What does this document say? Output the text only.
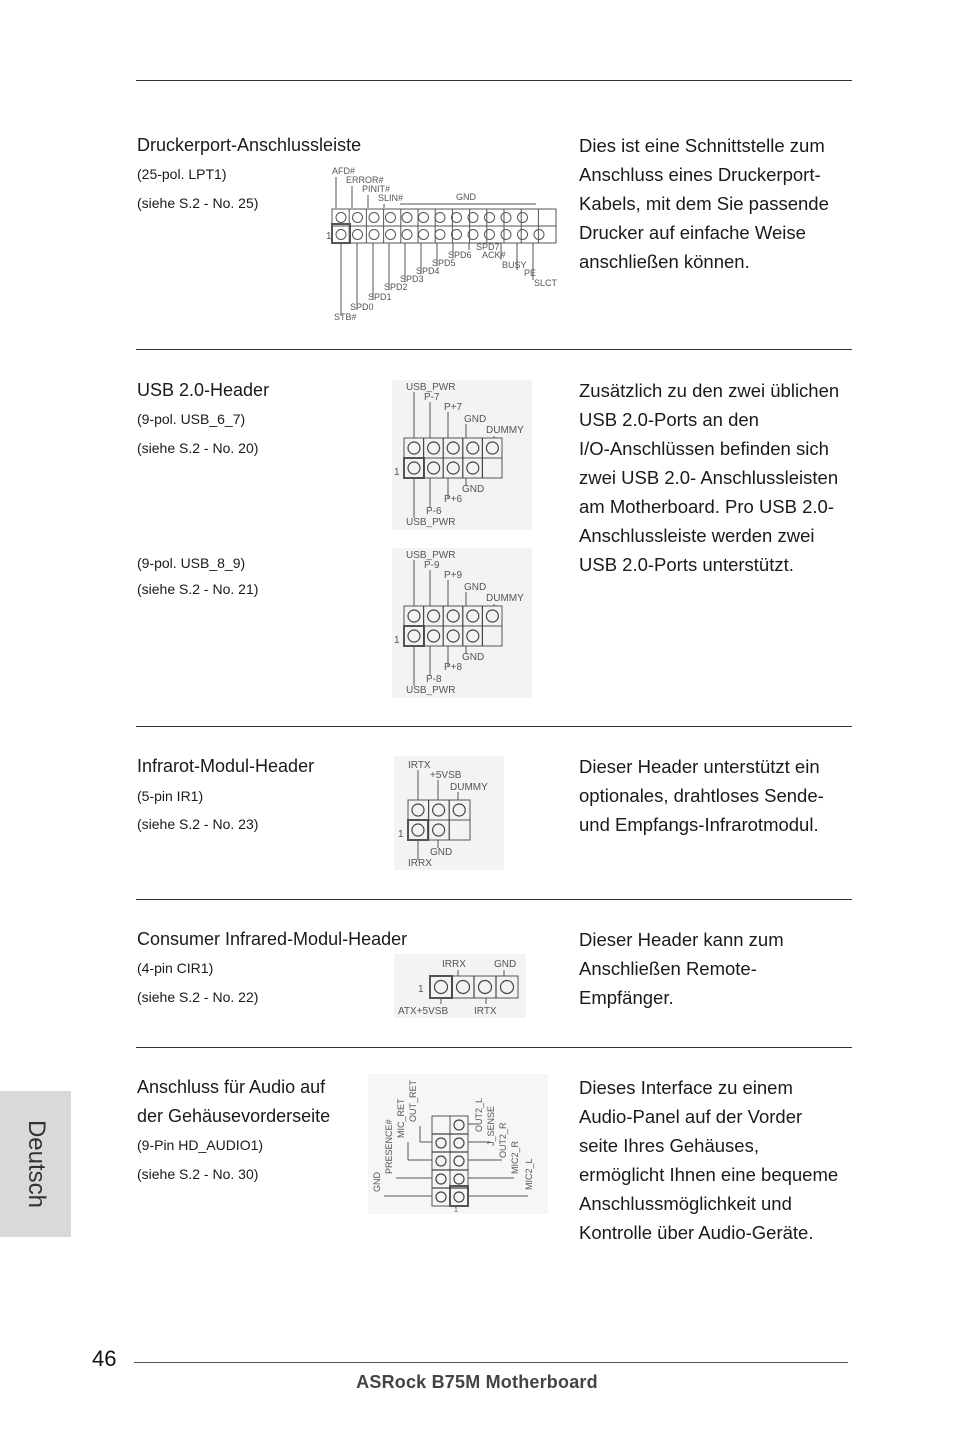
Druckerport-Anschlussleiste
(25-pol. LPT1)
(siehe S.2 - No. 25)
AFD#
ERROR#
PINIT#
SLIN#	GND
1
SPD7
SPD6 ACK#
SPD5	BUSY
SPD4	PE
SPD3	SLCT
SPD2
SPD1
SPD0
STB#
Dies ist eine Schnittstelle zum
Anschluss eines Druckerport-
Kabels, mit dem Sie passende
Drucker auf einfache Weise
anschließen können.
USB 2.0-Header
(9-pol. USB_6_7)
(siehe S.2 - No. 20)
(9-pol. USB_8_9)
(siehe S.2 - No. 21)
USB_PWR
P-7
P+7
GND
DUMMY
1
GND
P+6
P-6
USB_PWR
USB_PWR
P-9
P+9
GND
DUMMY
1
GND
P+8
P-8
USB_PWR
Zusätzlich zu den zwei üblichen
USB 2.0-Ports an den
I/O-Anschlüssen befinden sich
zwei USB 2.0- Anschlussleisten
am Motherboard. Pro USB 2.0-
Anschlussleiste werden zwei
USB 2.0-Ports unterstützt.
Infrarot-Modul-Header
(5-pin IR1)
(siehe S.2 - No. 23)
IRTX
+5VSB
DUMMY
1
GND
IRRX
Dieser Header unterstützt ein
optionales, drahtloses Sende-
und Empfangs-Infrarotmodul.
Consumer Infrared-Modul-Header
(4-pin CIR1)
(siehe S.2 - No. 22)
IRRX	GND
1
ATX+5VSB	IRTX
Dieser Header kann zum
Anschließen Remote-
Empfänger.
Anschluss für Audio auf
der Gehäusevorderseite
(9-Pin HD_AUDIO1)
(siehe S.2 - No. 30)	GND
PRESENCE#
MIC_RET OUT_RET	OUT2_L J_SENSE OUT2_R MIC2_R
MIC2_L
1
Dieses Interface zu einem
Audio-Panel auf der Vorder
seite Ihres Gehäuses,
ermöglicht Ihnen eine bequeme
Anschlussmöglichkeit und
Kontrolle über Audio-Geräte.
Deutsch
46
ASRock B75M Motherboard
